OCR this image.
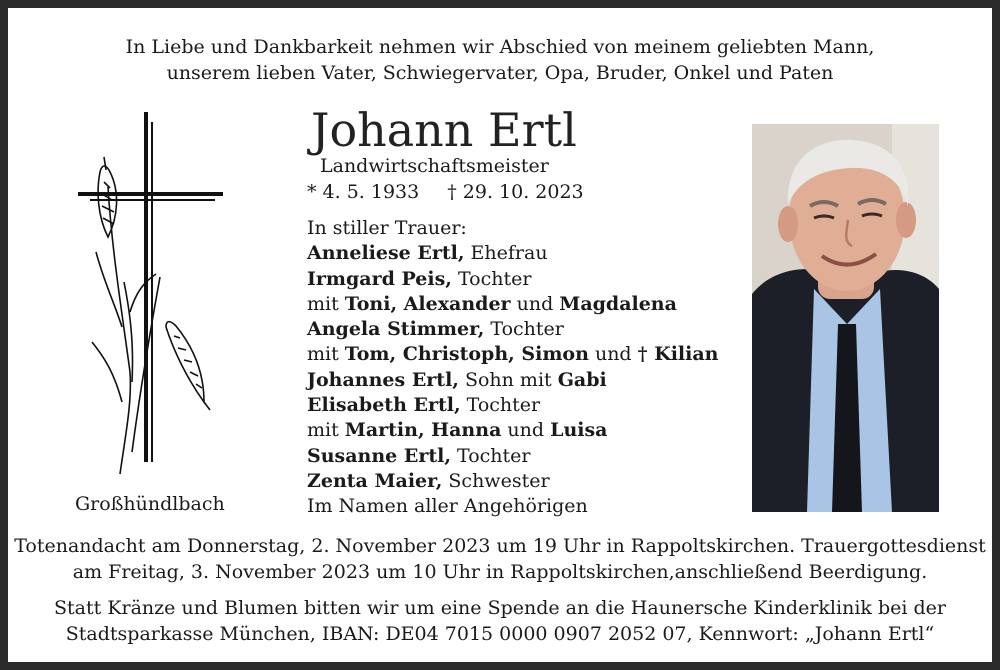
In Liebe und Dankbarkeit nehmen wir Abschied von meinem geliebten Mann,
unserem lieben Vater, Schwiegervater, Opa, Bruder, Onkel und Paten
Johann Ertl
Landwirtschaftsmeister
* 4. 5. 1933 † 29. 10. 2023
In stiller Trauer:
Anneliese Ertl, Ehefrau
Irmgard Peis, Tochter
mit Toni, Alexander und Magdalena
Angela Stimmer, Tochter
mit Tom, Christoph, Simon und † Kilian
Johannes Ertl, Sohn mit Gabi
Elisabeth Ertl, Tochter
mit Martin, Hanna und Luisa
Susanne Ertl, Tochter
Zenta Maier, Schwester
Im Namen aller Angehörigen
Großhündlbach
Totenandacht am Donnerstag, 2. November 2023 um 19 Uhr in Rappoltskirchen. Trauergottesdienst
am Freitag, 3. November 2023 um 10 Uhr in Rappoltskirchen,anschließend Beerdigung.
Statt Kränze und Blumen bitten wir um eine Spende an die Haunersche Kinderklinik bei der
Stadtsparkasse München, IBAN: DE04 7015 0000 0907 2052 07, Kennwort: „Johann Ertl“
